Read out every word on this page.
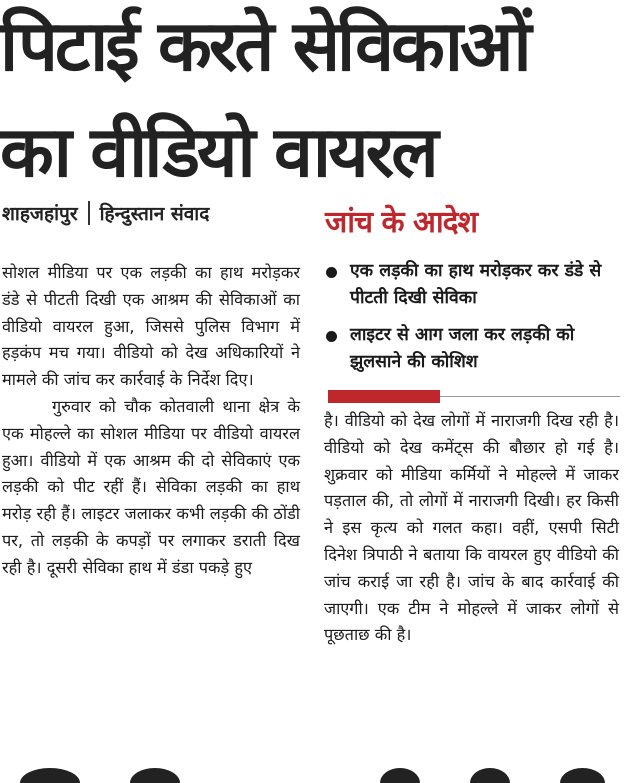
पिटाई करते सेविकाओं
का वीडियो वायरल
शाहजहांपुर हिन्दुस्तान संवाद	जांच के आदेश
एक लड़की का हाथ मरोड़कर कर डंडे से पीटती दिखी सेविका
लाइटर से आग जला कर लड़की को झुलसाने की कोशिश

सोशल मीडिया पर एक लड़की का हाथ मरोड़कर डंडे से पीटती दिखी एक आश्रम की सेविकाओं का वीडियो वायरल हुआ, जिससे पुलिस विभाग में हड़कंप मच गया। वीडियो को देख अधिकारियों ने मामले की जांच कर कार्रवाई के निर्देश दिए।

गुरुवार को चौक कोतवाली थाना क्षेत्र के एक मोहल्ले का सोशल मीडिया पर वीडियो वायरल हुआ। वीडियो में एक आश्रम की दो सेविकाएं एक लड़की को पीट रहीं हैं। सेविका लड़की का हाथ मरोड़ रही हैं। लाइटर जलाकर कभी लड़की की ठोंडी पर, तो लड़की के कपड़ों पर लगाकर डराती दिख रही है। दूसरी सेविका हाथ में डंडा पकड़े हुए

है। वीडियो को देख लोगों में नाराजगी दिख रही है। वीडियो को देख कमेंट्स की बौछार हो गई है। शुक्रवार को मीडिया कर्मियों ने मोहल्ले में जाकर पड़ताल की, तो लोगों में नाराजगी दिखी। हर किसी ने इस कृत्य को गलत कहा। वहीं, एसपी सिटी दिनेश त्रिपाठी ने बताया कि वायरल हुए वीडियो की जांच कराई जा रही है। जांच के बाद कार्रवाई की जाएगी। एक टीम ने मोहल्ले में जाकर लोगों से पूछताछ की है।
